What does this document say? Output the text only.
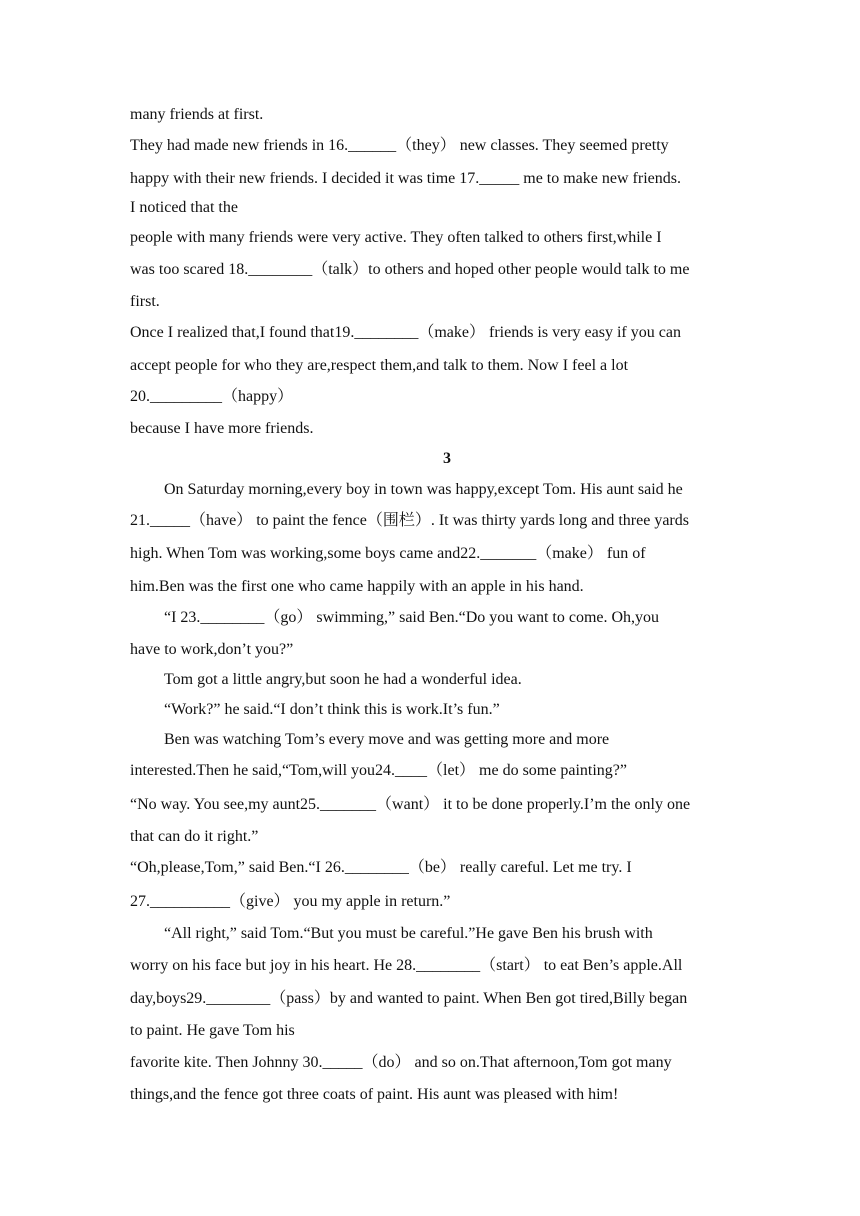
many friends at first.
They had made new friends in 16.______（they） new classes. They seemed pretty
happy with their new friends. I decided it was time 17._____ me to make new friends.
I noticed that the
people with many friends were very active. They often talked to others first,while I
was too scared 18.________（talk）to others and hoped other people would talk to me
first.
Once I realized that,I found that19.________（make） friends is very easy if you can
accept people for who they are,respect them,and talk to them. Now I feel a lot
20._________（happy）
because I have more friends.
3
On Saturday morning,every boy in town was happy,except Tom. His aunt said he
21._____（have） to paint the fence（围栏）. It was thirty yards long and three yards
high. When Tom was working,some boys came and22._______（make） fun of
him.Ben was the first one who came happily with an apple in his hand.
“I 23.________（go） swimming,” said Ben.“Do you want to come. Oh,you
have to work,don’t you?”
Tom got a little angry,but soon he had a wonderful idea.
“Work?” he said.“I don’t think this is work.It’s fun.”
Ben was watching Tom’s every move and was getting more and more
interested.Then he said,“Tom,will you24.____（let） me do some painting?”
“No way. You see,my aunt25._______（want） it to be done properly.I’m the only one
that can do it right.”
“Oh,please,Tom,” said Ben.“I 26.________（be） really careful. Let me try. I
27.__________（give） you my apple in return.”
“All right,” said Tom.“But you must be careful.”He gave Ben his brush with
worry on his face but joy in his heart. He 28.________（start） to eat Ben’s apple.All
day,boys29.________（pass）by and wanted to paint. When Ben got tired,Billy began
to paint. He gave Tom his
favorite kite. Then Johnny 30._____（do） and so on.That afternoon,Tom got many
things,and the fence got three coats of paint. His aunt was pleased with him!
